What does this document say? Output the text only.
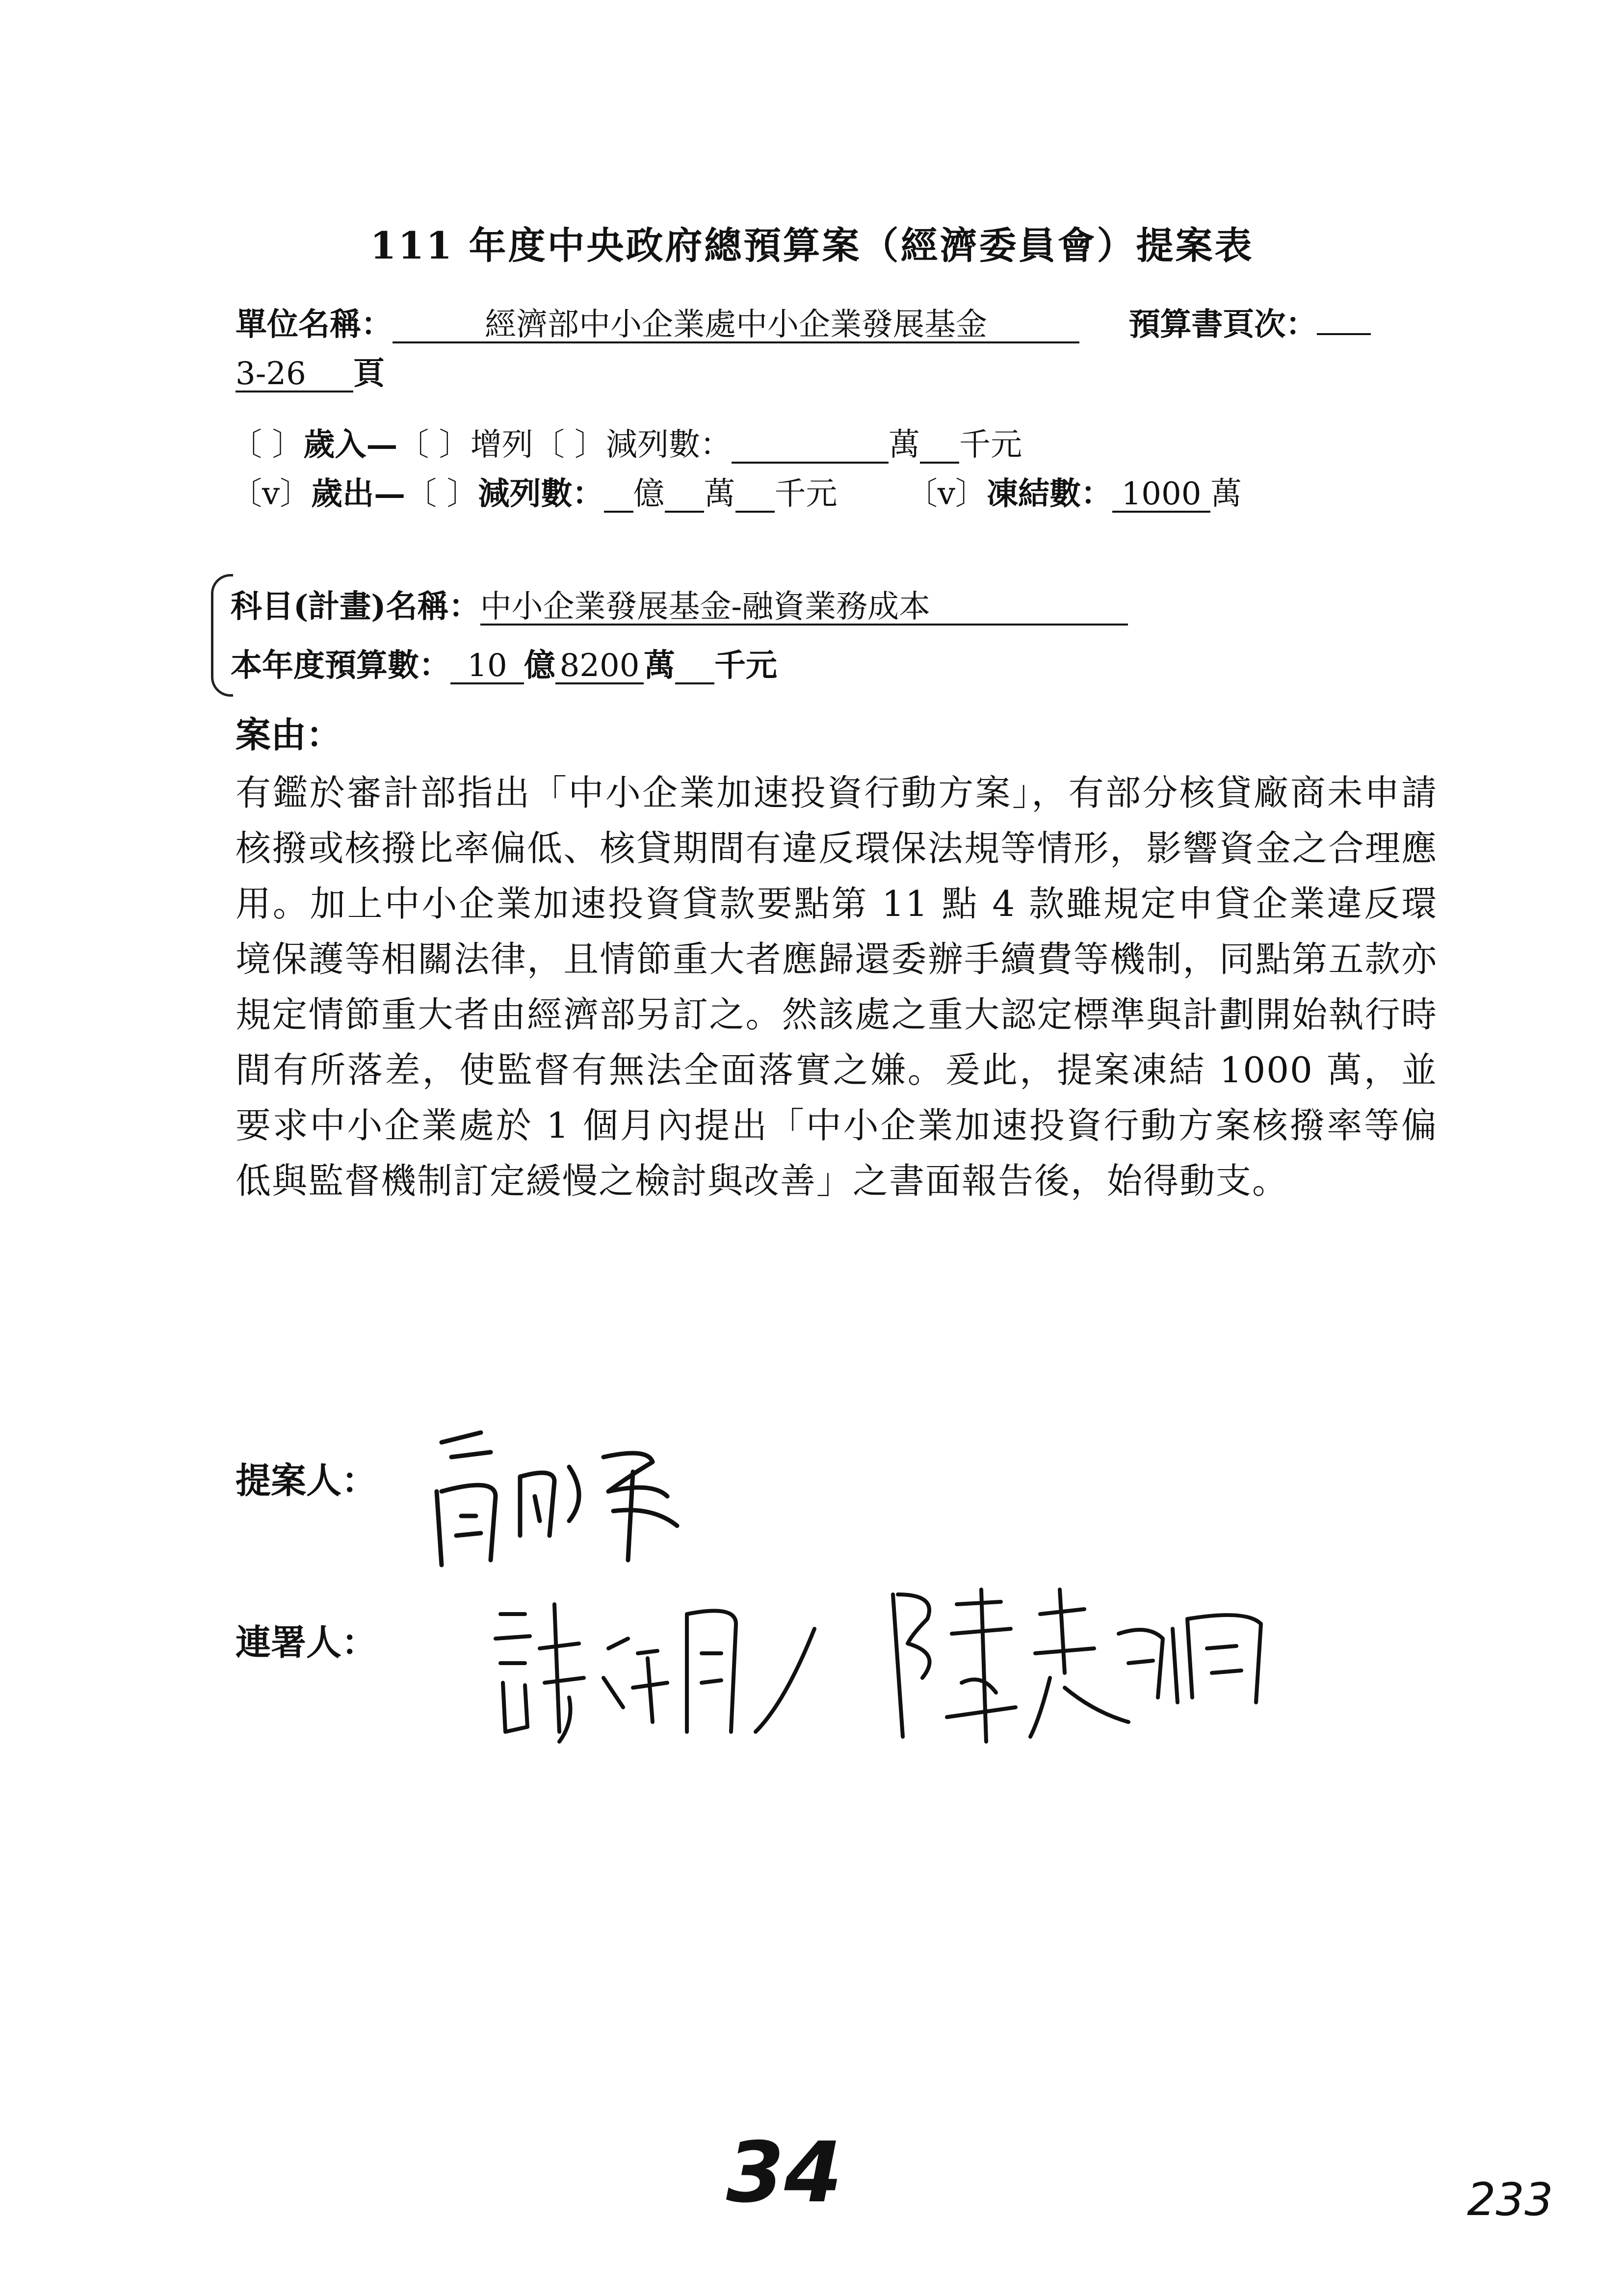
111 年度中央政府總預算案（經濟委員會）提案表
單位名稱：	經濟部中小企業處中小企業發展基金	預算書頁次：
3-26 頁
〔 〕歲入—〔 〕增列〔 〕減列數：	萬 千元
〔v〕歲出—〔 〕減列數： 億 萬 千元 〔v〕凍結數： 1000 萬
科目(計畫)名稱：中小企業發展基金-融資業務成本
本年度預算數： 10 億 8200 萬 千元
案由：
有鑑於審計部指出「中小企業加速投資行動方案」，有部分核貸廠商未申請核撥或核撥比率偏低、核貸期間有違反環保法規等情形，影響資金之合理應用。加上中小企業加速投資貸款要點第 11 點 4 款雖規定申貸企業違反環境保護等相關法律，且情節重大者應歸還委辦手續費等機制，同點第五款亦規定情節重大者由經濟部另訂之。然該處之重大認定標準與計劃開始執行時間有所落差，使監督有無法全面落實之嫌。爰此，提案凍結 1000 萬，並要求中小企業處於 1 個月內提出「中小企業加速投資行動方案核撥率等偏低與監督機制訂定緩慢之檢討與改善」之書面報告後，始得動支。
提案人：
連署人：
34	233
